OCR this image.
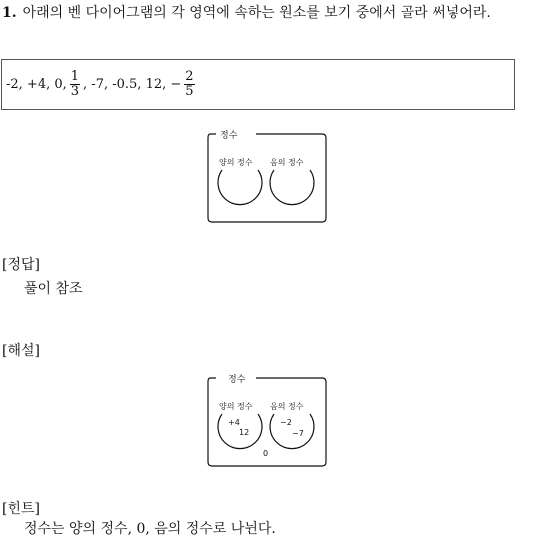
1. 아래의 벤 다이어그램의 각 영역에 속하는 원소를 보기 중에서 골라 써넣어라.
-2, +4, 0, $\frac{1}{3}$ , -7, -0.5, 12, − $\frac{2}{5}$
정수
양의 정수 음의 정수
[정답]
풀이 참조
[해설]
정수
양의 정수 음의 정수
+4
12
−2
−7
0
[힌트]
정수는 양의 정수, 0, 음의 정수로 나뉜다.
